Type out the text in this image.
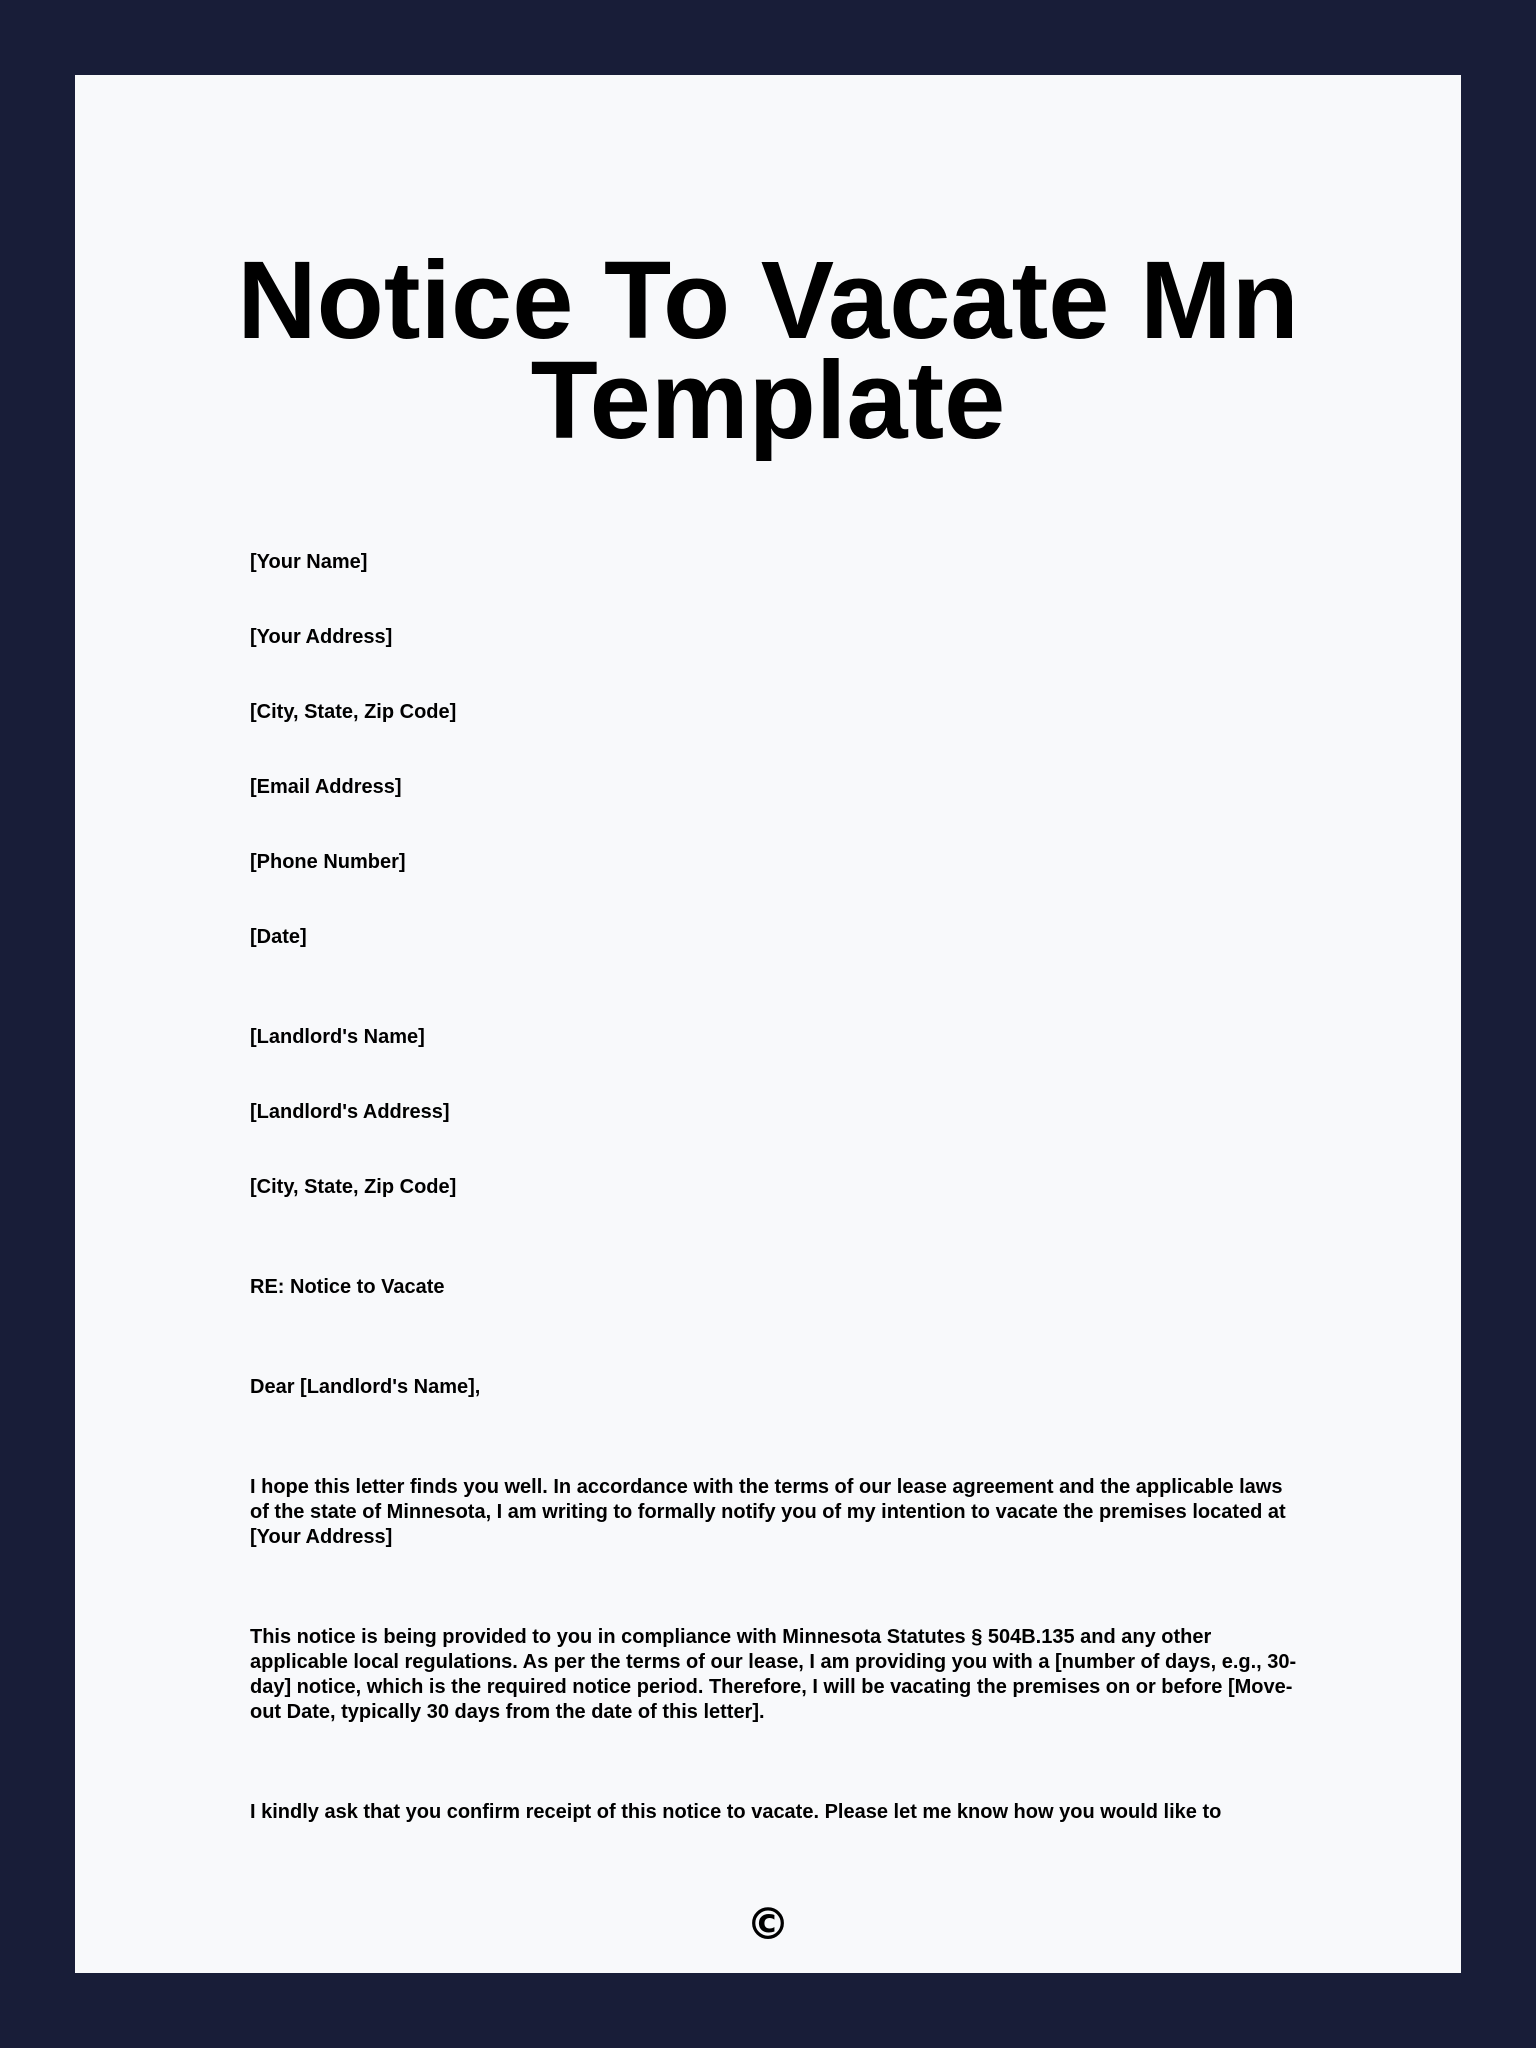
Notice To Vacate Mn Template

[Your Name]

[Your Address]

[City, State, Zip Code]

[Email Address]

[Phone Number]

[Date]

[Landlord's Name]

[Landlord's Address]

[City, State, Zip Code]

RE: Notice to Vacate

Dear [Landlord's Name],

I hope this letter finds you well. In accordance with the terms of our lease agreement and the applicable laws of the state of Minnesota, I am writing to formally notify you of my intention to vacate the premises located at [Your Address]

This notice is being provided to you in compliance with Minnesota Statutes § 504B.135 and any other applicable local regulations. As per the terms of our lease, I am providing you with a [number of days, e.g., 30-day] notice, which is the required notice period. Therefore, I will be vacating the premises on or before [Move-out Date, typically 30 days from the date of this letter].

I kindly ask that you confirm receipt of this notice to vacate. Please let me know how you would like to

©
